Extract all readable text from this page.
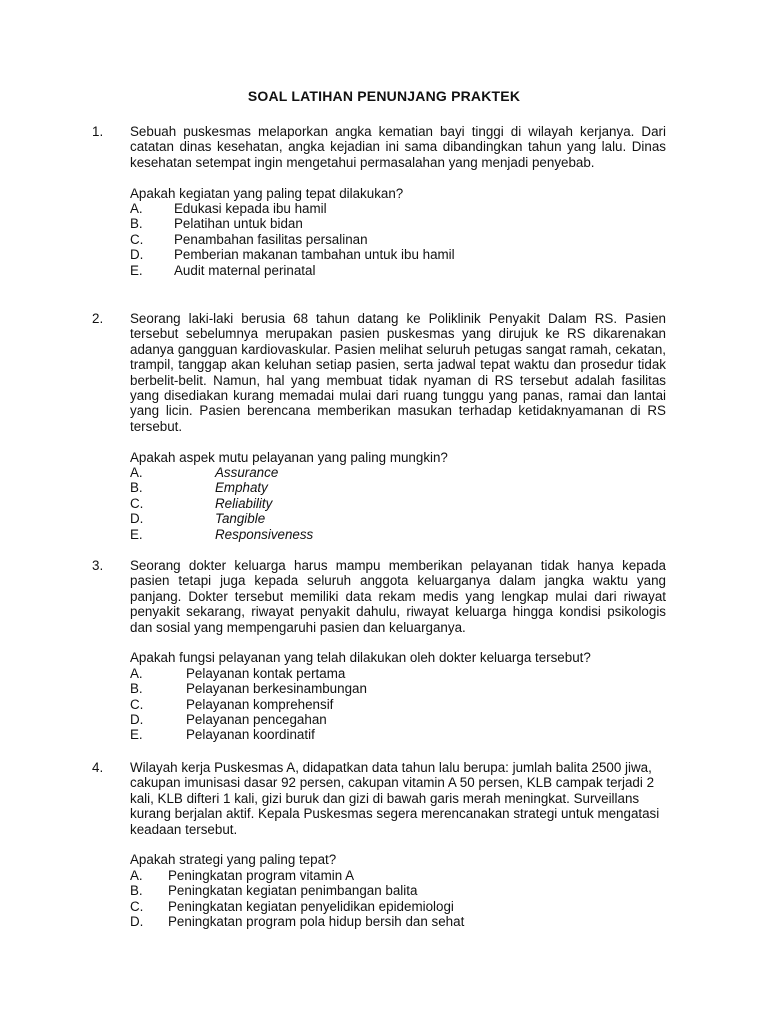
SOAL LATIHAN PENUNJANG PRAKTEK
1. Sebuah puskesmas melaporkan angka kematian bayi tinggi di wilayah kerjanya. Dari catatan dinas kesehatan, angka kejadian ini sama dibandingkan tahun yang lalu. Dinas kesehatan setempat ingin mengetahui permasalahan yang menjadi penyebab.
Apakah kegiatan yang paling tepat dilakukan?
A. Edukasi kepada ibu hamil
B. Pelatihan untuk bidan
C. Penambahan fasilitas persalinan
D. Pemberian makanan tambahan untuk ibu hamil
E. Audit maternal perinatal
2. Seorang laki-laki berusia 68 tahun datang ke Poliklinik Penyakit Dalam RS. Pasien tersebut sebelumnya merupakan pasien puskesmas yang dirujuk ke RS dikarenakan adanya gangguan kardiovaskular. Pasien melihat seluruh petugas sangat ramah, cekatan, trampil, tanggap akan keluhan setiap pasien, serta jadwal tepat waktu dan prosedur tidak berbelit-belit. Namun, hal yang membuat tidak nyaman di RS tersebut adalah fasilitas yang disediakan kurang memadai mulai dari ruang tunggu yang panas, ramai dan lantai yang licin. Pasien berencana memberikan masukan terhadap ketidaknyamanan di RS tersebut.
Apakah aspek mutu pelayanan yang paling mungkin?
A.	Assurance
B.	Emphaty
C.	Reliability
D.	Tangible
E.	Responsiveness
3. Seorang dokter keluarga harus mampu memberikan pelayanan tidak hanya kepada pasien tetapi juga kepada seluruh anggota keluarganya dalam jangka waktu yang panjang. Dokter tersebut memiliki data rekam medis yang lengkap mulai dari riwayat penyakit sekarang, riwayat penyakit dahulu, riwayat keluarga hingga kondisi psikologis dan sosial yang mempengaruhi pasien dan keluarganya.
Apakah fungsi pelayanan yang telah dilakukan oleh dokter keluarga tersebut?
A.	Pelayanan kontak pertama
B.	Pelayanan berkesinambungan
C.	Pelayanan komprehensif
D.	Pelayanan pencegahan
E.	Pelayanan koordinatif
4. Wilayah kerja Puskesmas A, didapatkan data tahun lalu berupa: jumlah balita 2500 jiwa, cakupan imunisasi dasar 92 persen, cakupan vitamin A 50 persen, KLB campak terjadi 2 kali, KLB difteri 1 kali, gizi buruk dan gizi di bawah garis merah meningkat. Surveillans kurang berjalan aktif. Kepala Puskesmas segera merencanakan strategi untuk mengatasi keadaan tersebut.
Apakah strategi yang paling tepat?
A. Peningkatan program vitamin A
B. Peningkatan kegiatan penimbangan balita
C. Peningkatan kegiatan penyelidikan epidemiologi
D. Peningkatan program pola hidup bersih dan sehat
